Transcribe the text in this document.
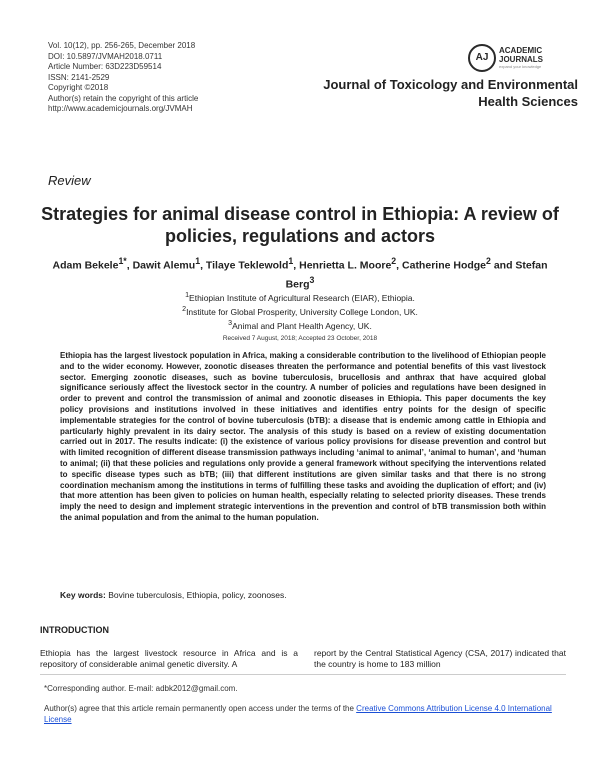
Vol. 10(12), pp. 256-265, December 2018
DOI: 10.5897/JVMAH2018.0711
Article Number: 63D223D59514
ISSN: 2141-2529
Copyright ©2018
Author(s) retain the copyright of this article
http://www.academicjournals.org/JVMAH
AJ
ACADEMIC
JOURNALS
expand your knowledge
Journal of Toxicology and Environmental
Health Sciences
Review
Strategies for animal disease control in Ethiopia: A review of policies, regulations and actors
Adam Bekele$^{1*}$, Dawit Alemu$^1$, Tilaye Teklewold$^1$, Henrietta L. Moore$^2$, Catherine Hodge$^2$ and Stefan Berg$^3$
$^1$Ethiopian Institute of Agricultural Research (EIAR), Ethiopia.
$^2$Institute for Global Prosperity, University College London, UK.
$^3$Animal and Plant Health Agency, UK.
Received 7 August, 2018; Accepted 23 October, 2018
Ethiopia has the largest livestock population in Africa, making a considerable contribution to the livelihood of Ethiopian people and to the wider economy. However, zoonotic diseases threaten the performance and potential benefits of this vast livestock sector. Emerging zoonotic diseases, such as bovine tuberculosis, brucellosis and anthrax that have acquired global significance seriously affect the livestock sector in the country. A number of policies and regulations have been designed in order to prevent and control the transmission of animal and zoonotic diseases in Ethiopia. This paper documents the key policy provisions and institutions involved in these initiatives and identifies entry points for the design of specific implementable strategies for the control of bovine tuberculosis (bTB): a disease that is endemic among cattle in Ethiopia and particularly highly prevalent in its dairy sector. The analysis of this study is based on a review of existing documentation carried out in 2017. The results indicate: (i) the existence of various policy provisions for disease prevention and control but with limited recognition of different disease transmission pathways including ‘animal to animal’, ‘animal to human’, and ‘human to animal; (ii) that these policies and regulations only provide a general framework without specifying the interventions related to specific disease types such as bTB; (iii) that different institutions are given similar tasks and that there is no strong coordination mechanism among the institutions in terms of fulfilling these tasks and avoiding the duplication of effort; and (iv) that more attention has been given to policies on human health, especially relating to selected priority diseases. These trends imply the need to design and implement strategic interventions in the prevention and control of bTB transmission both within the animal population and from the animal to the human population.
Key words: Bovine tuberculosis, Ethiopia, policy, zoonoses.
INTRODUCTION
Ethiopia has the largest livestock resource in Africa and is a repository of considerable animal genetic diversity. A
report by the Central Statistical Agency (CSA, 2017) indicated that the country is home to 183 million
*Corresponding author. E-mail: adbk2012@gmail.com.
Author(s) agree that this article remain permanently open access under the terms of the Creative Commons Attribution License 4.0 International License
